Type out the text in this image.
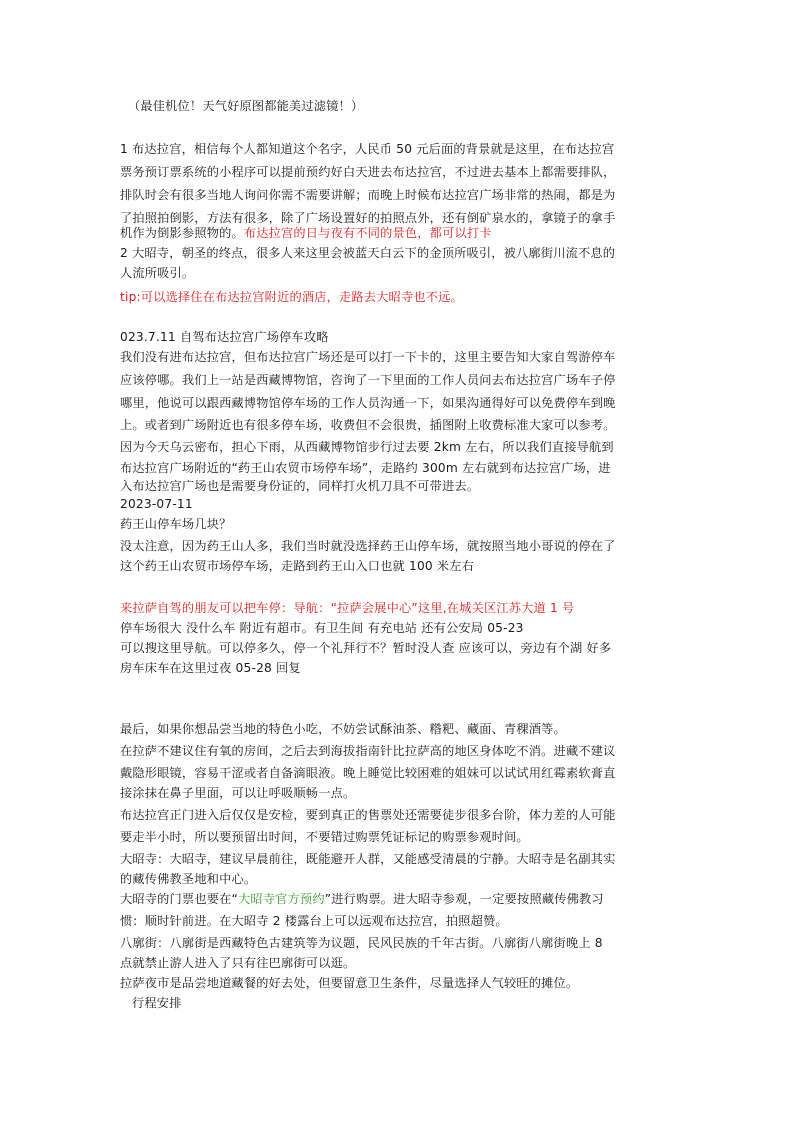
（最佳机位！天气好原图都能美过滤镜！）
1 布达拉宫，相信每个人都知道这个名字，人民币 50 元后面的背景就是这里，在布达拉宫
票务预订票系统的小程序可以提前预约好白天进去布达拉宫，不过进去基本上都需要排队，
排队时会有很多当地人询问你需不需要讲解；而晚上时候布达拉宫广场非常的热闹，都是为
了拍照拍倒影，方法有很多，除了广场设置好的拍照点外，还有倒矿泉水的，拿镜子的拿手
机作为倒影参照物的。布达拉宫的日与夜有不同的景色，都可以打卡
2 大昭寺，朝圣的终点，很多人来这里会被蓝天白云下的金顶所吸引，被八廓街川流不息的
人流所吸引。
tip:可以选择住在布达拉宫附近的酒店，走路去大昭寺也不远。
023.7.11 自驾布达拉宫广场停车攻略
我们没有进布达拉宫，但布达拉宫广场还是可以打一下卡的，这里主要告知大家自驾游停车
应该停哪。我们上一站是西藏博物馆，咨询了一下里面的工作人员问去布达拉宫广场车子停
哪里，他说可以跟西藏博物馆停车场的工作人员沟通一下，如果沟通得好可以免费停车到晚
上。或者到广场附近也有很多停车场，收费但不会很贵，插图附上收费标准大家可以参考。
因为今天乌云密布，担心下雨，从西藏博物馆步行过去要 2km 左右，所以我们直接导航到
布达拉宫广场附近的“药王山农贸市场停车场”，走路约 300m 左右就到布达拉宫广场，进
入布达拉宫广场也是需要身份证的，同样打火机刀具不可带进去。
2023-07-11
药王山停车场几块？
没太注意，因为药王山人多，我们当时就没选择药王山停车场，就按照当地小哥说的停在了
这个药王山农贸市场停车场，走路到药王山入口也就 100 米左右
来拉萨自驾的朋友可以把车停：导航：“拉萨会展中心”这里,在城关区江苏大道 1 号
停车场很大 没什么车 附近有超市。有卫生间 有充电站 还有公安局 05-23
可以搜这里导航。可以停多久，停一个礼拜行不？暂时没人查 应该可以，旁边有个湖 好多
房车床车在这里过夜 05-28 回复
最后，如果你想品尝当地的特色小吃，不妨尝试酥油茶、糌粑、藏面、青稞酒等。
在拉萨不建议住有氧的房间，之后去到海拔指南针比拉萨高的地区身体吃不消。进藏不建议
戴隐形眼镜，容易干涩或者自备滴眼液。晚上睡觉比较困难的姐妹可以试试用红霉素软膏直
接涂抹在鼻子里面，可以让呼吸顺畅一点。
布达拉宫正门进入后仅仅是安检，要到真正的售票处还需要徒步很多台阶，体力差的人可能
要走半小时，所以要预留出时间，不要错过购票凭证标记的购票参观时间。
大昭寺：大昭寺，建议早晨前往，既能避开人群，又能感受清晨的宁静。大昭寺是名副其实
的藏传佛教圣地和中心。
大昭寺的门票也要在“大昭寺官方预约”进行购票。进大昭寺参观，一定要按照藏传佛教习
惯：顺时针前进。在大昭寺 2 楼露台上可以远观布达拉宫，拍照超赞。
八廓街：八廓街是西藏特色古建筑等为议题，民风民族的千年古街。八廓街八廓街晚上 8
点就禁止游人进入了只有往巴廓街可以逛。
拉萨夜市是品尝地道藏餐的好去处，但要留意卫生条件，尽量选择人气较旺的摊位。
行程安排
